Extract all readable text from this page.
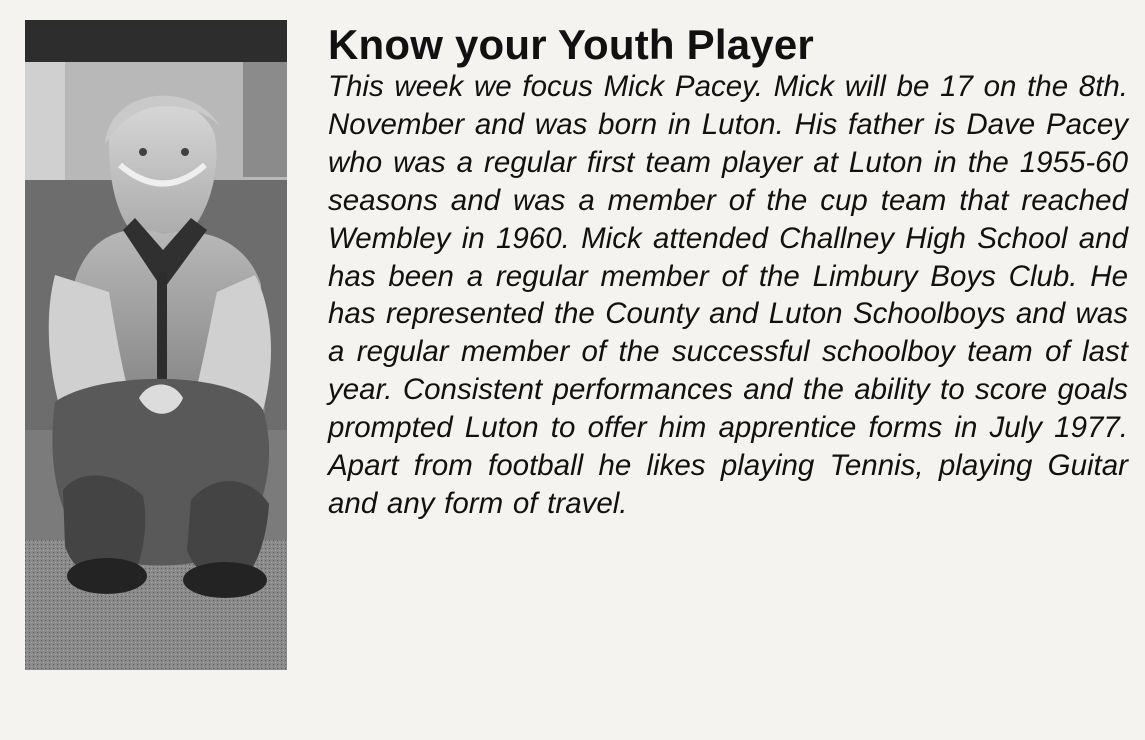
Know your Youth Player

This week we focus Mick Pacey. Mick will be 17 on the 8th. November and was born in Luton. His father is Dave Pacey who was a regular first team player at Luton in the 1955-60 seasons and was a member of the cup team that reached Wembley in 1960. Mick attended Challney High School and has been a regular member of the Limbury Boys Club. He has represented the County and Luton Schoolboys and was a regular member of the successful schoolboy team of last year. Consistent performances and the ability to score goals prompted Luton to offer him apprentice forms in July 1977. Apart from football he likes playing Tennis, playing Guitar and any form of travel.
